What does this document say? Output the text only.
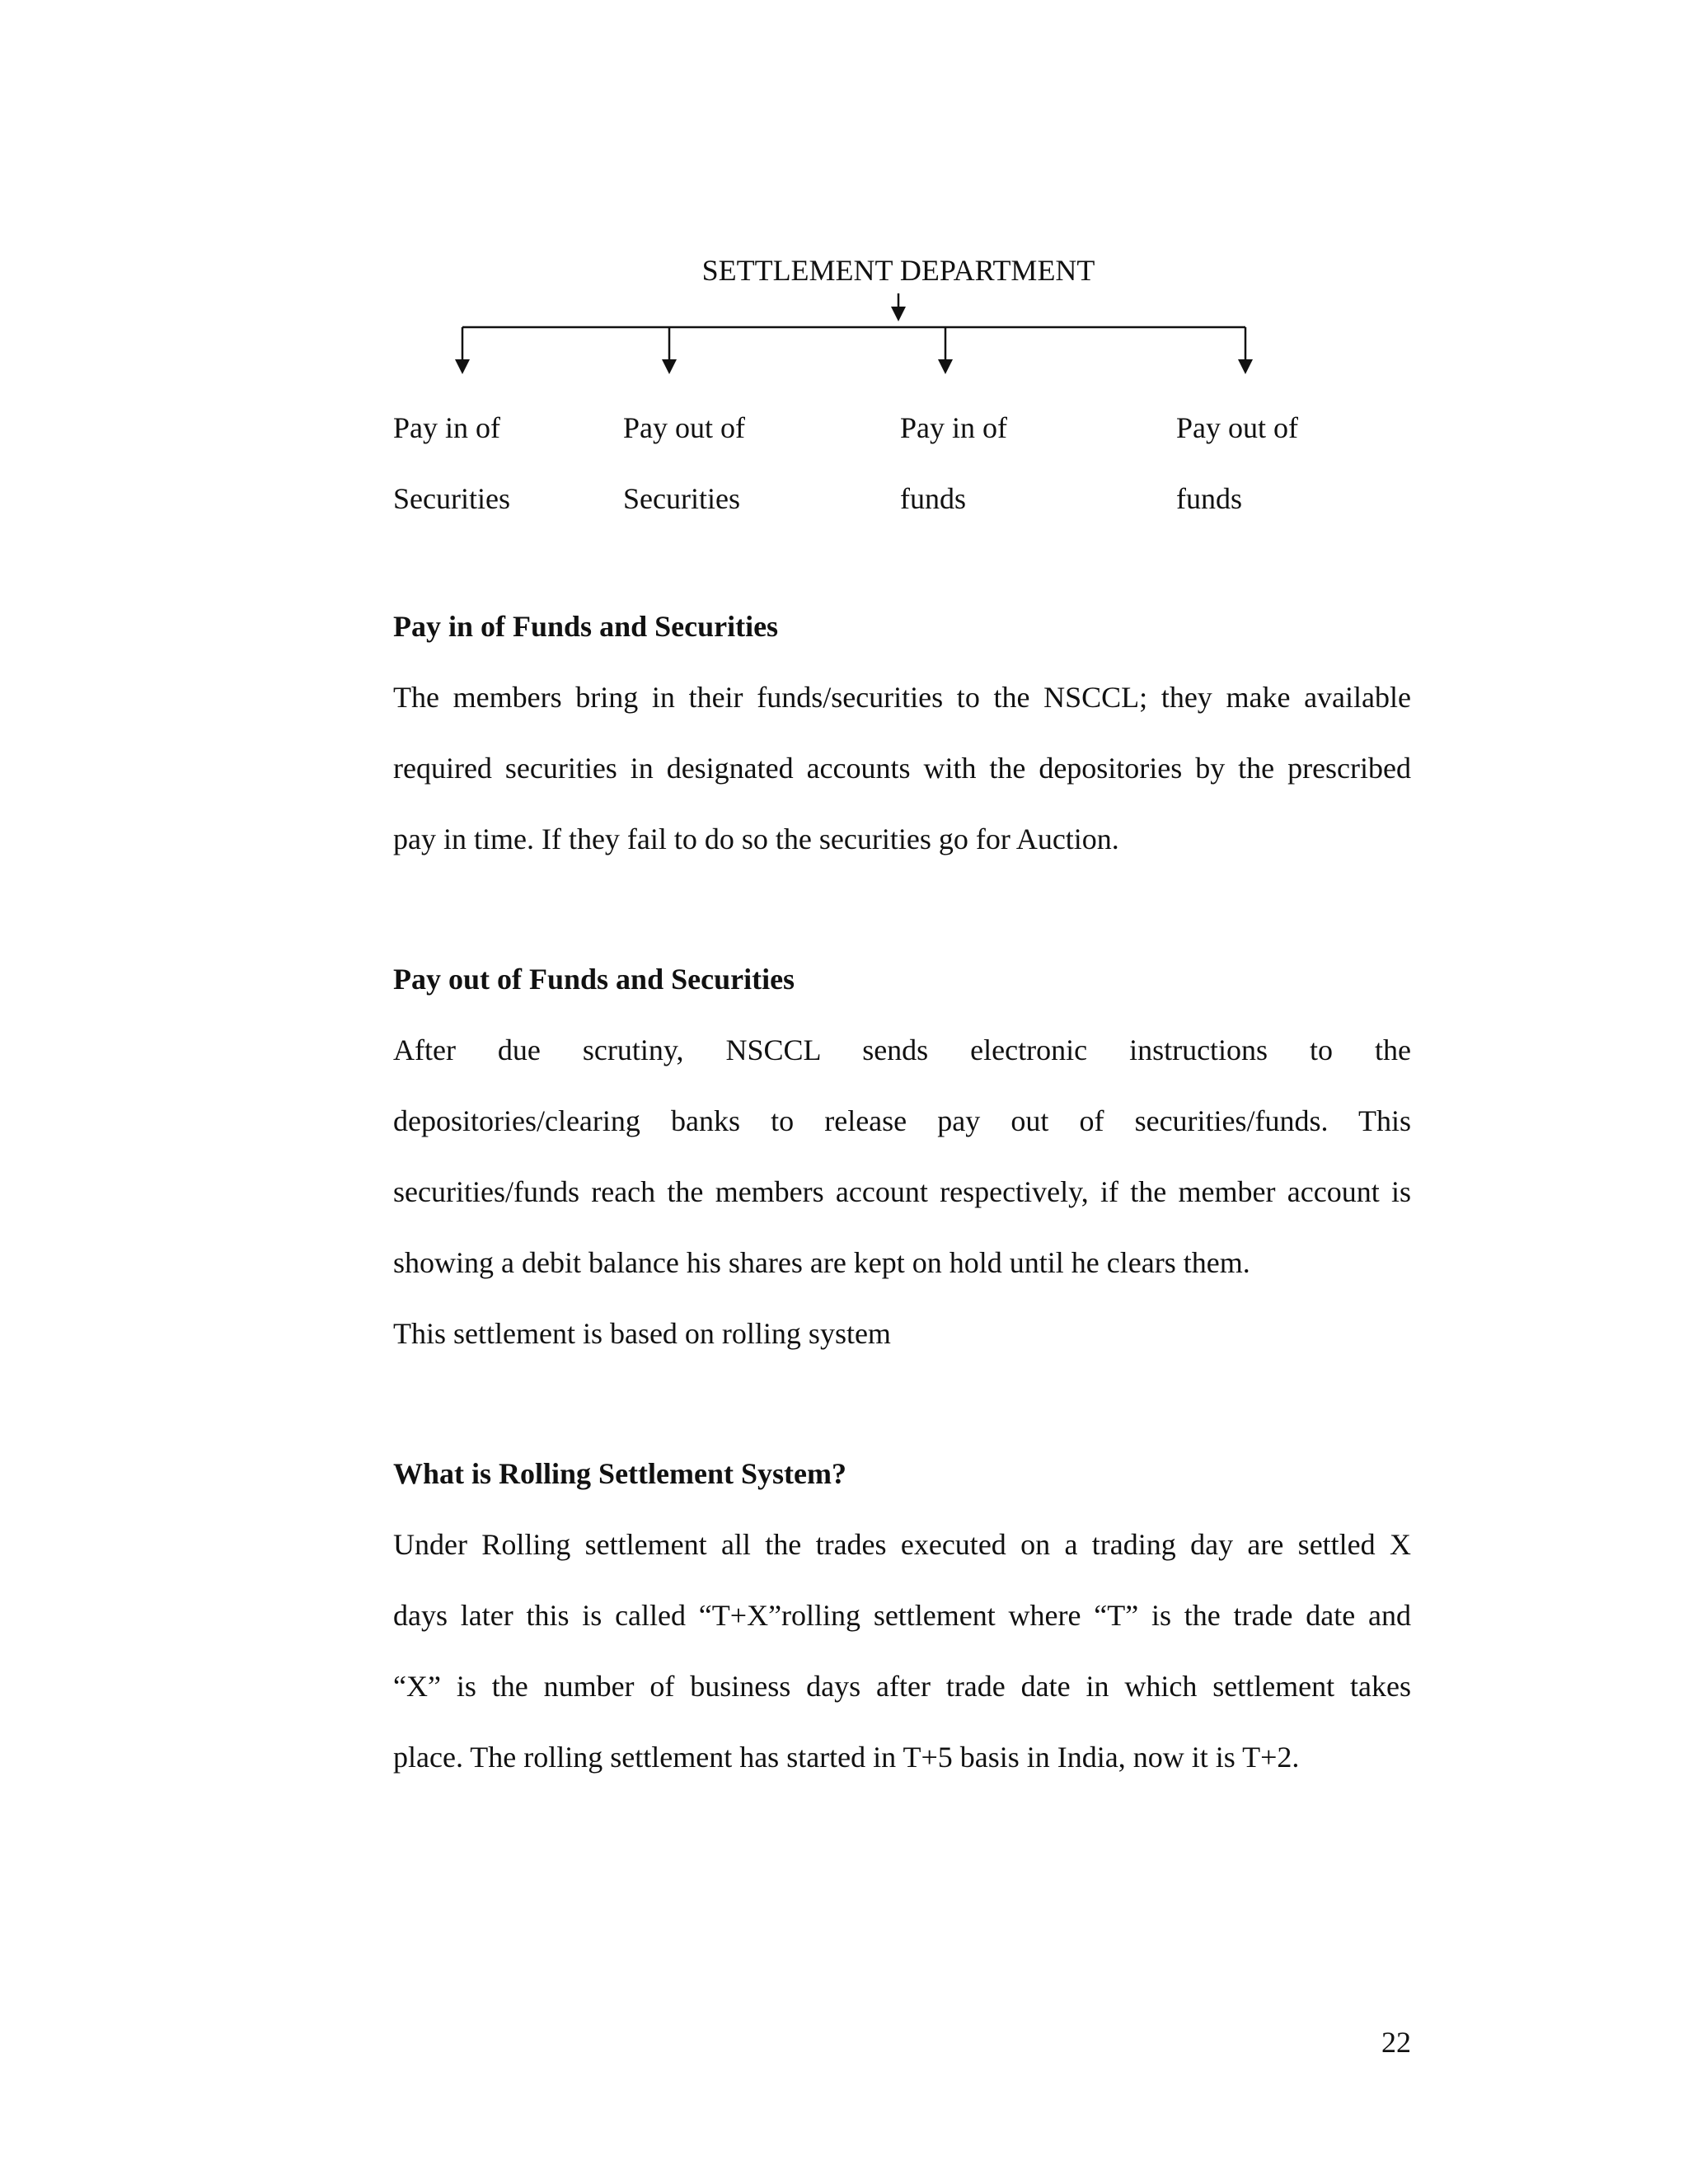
SETTLEMENT DEPARTMENT
Pay in of
Securities
Pay out of
Securities
Pay in of
funds
Pay out of
funds
Pay in of Funds and Securities
The members bring in their funds/securities to the NSCCL; they make available
required securities in designated accounts with the depositories by the prescribed
pay in time. If they fail to do so the securities go for Auction.
Pay out of Funds and Securities
After due scrutiny, NSCCL sends electronic instructions to the
depositories/clearing banks to release pay out of securities/funds. This
securities/funds reach the members account respectively, if the member account is
showing a debit balance his shares are kept on hold until he clears them.
This settlement is based on rolling system
What is Rolling Settlement System?
Under Rolling settlement all the trades executed on a trading day are settled X
days later this is called “T+X”rolling settlement where “T” is the trade date and
“X” is the number of business days after trade date in which settlement takes
place. The rolling settlement has started in T+5 basis in India, now it is T+2.
22
